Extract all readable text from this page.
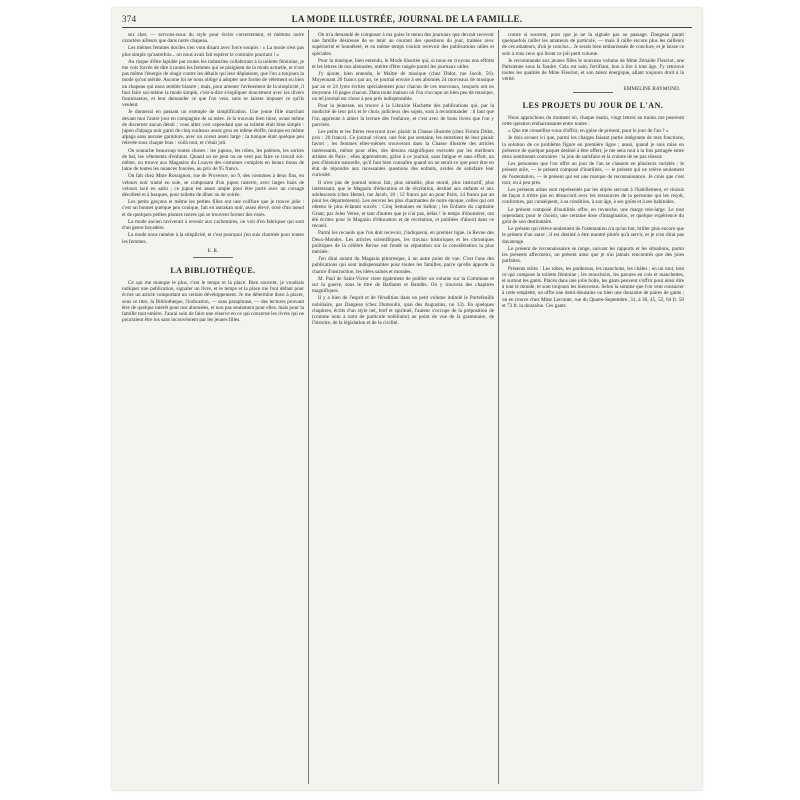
374	LA MODE ILLUSTRÉE, JOURNAL DE LA FAMILLE.

sez cher, — servons-nous du style pour écrire correctement, et mettons notre caractère ailleurs que dans notre chapeau.

Les mêmes femmes dociles s'en vont disant avec force soupirs : « La mode n'est pas plus simple qu'autrefois... on nous avait fait espérer le contraire pourtant ! »

Au risque d'être lapidée par toutes les industries collaborant à la toilette féminine, je me vois forcée de dire à toutes les femmes qui se plaignent de la mode actuelle, et n'ont pas même l'énergie de réagir contre les détails qui leur déplaisent, que l'on a toujours la mode qu'on mérite. Aucune loi ne nous oblige à adopter une forme de vêtement ou bien un chapeau qui nous semble bizarre ; mais, pour amener l'avènement de la simplicité, il faut faire soi-même la mode simple, c'est-à-dire s'expliquer doucement avec les divers fournisseurs, et leur demander ce que l'on veut, sans se laisser imposer ce qu'ils veulent.

Je donnerai en passant un exemple de simplification. Une jeune fille marchait devant moi l'autre jour en compagnie de sa mère. Je la trouvais bien mise, avant même de discerner aucun détail ; vous allez voir cependant que sa toilette était bien simple : jupon d'alpaga noir garni de cinq rouleaux assez gros en même étoffe, tunique en même alpaga sans aucune garniture, avec un corset assez large ; la tunique était quelque peu relevée sous chaque bras : voilà tout, et c'était joli.

On soutache beaucoup toutes choses : les jupons, les robes, les paletots, les sorties de bal, les vêtements d'enfants. Quand on ne peut ou ne veut pas faire ce travail soi-même, on trouve aux Magasins du Louvre des costumes complets en beaux tissus de laine de toutes les nuances foncées, au prix de 95 francs.

On fait chez Mme Rossignon, rue de Provence, no 9, des costumes à deux fins, en velours noir tramé en soie, se composant d'un jupon rasterre, avec larges biais de velours lacé en satin ; ce jupon est assez ample pour être porté avec un corsage décolleté et à basques, pour toilette de dîner ou de soirée.

Les petits garçons et même les petites filles ont une coiffure que je trouve jolie : c'est un bonnet quelque peu conique, fait en astrakan noir, assez élevé, orné d'un nœud et de quelques petites plumes noires qui se trouvent former des rosés.

La mode ancien raviverait à revenir aux cachemires, on voit d'en fabriquer qui sont d'un genre bayadère.

La mode nous ramène à la simplicité, et c'est pourquoi j'en suis charmée pour toutes les femmes.

E. R.
LA BIBLIOTHÈQUE.

Ce qui me manque le plus, c'est le temps et la place. Bien souvent, je voudrais indiquer une publication, signaler un livre, et le temps et la place me font défaut pour écrire un article comportant un certain développement. Je me détermine donc à placer, sous ce titre, la Bibliothèque, l'indication, — sans paraphrase, — des lectures pouvant être de quelque intérêt pour nos abonnées, et non pas seulement pour elles, mais pour la famille tout entière. J'aurai soin de faire une réserve en ce qui concerne les livres qui ne pourraient être lus sans inconvénient par les jeunes filles.

On m'a demandé de composer à ma guise le menu des journaux que devrait recevoir une famille désireuse de se tenir au courant des questions du jour, traitées avec supériorité et honnêteté, et en même temps vouloir recevoir des publications utiles et spéciales.

Pour la musique, bien entendu, le Mode illustrée qui, si nous en croyons nos efforts et les lettres de nos abonnées, mérite d'être rangée parmi les journaux utiles.

J'y ajoute, bien entendu, le Maître de musique (chez Didot, rue Jacob, 56). Moyennant 20 francs par an, ce journal envoie à ses abonnés 24 morceaux de musique par an et 24 lyres écrites spécialement pour chacun de ces morceaux, lesquels ont en moyenne 16 pages chacun. Dans toute maison où l'on s'occupe un bien peu de musique, un tel journal est chose à peu près indispensable.

Pour la jeunesse, on trouve à la Librairie Hachette des publications qui, par la modicité de leur prix et le choix judicieux des sujets, sont à recommander : il faut que l'on apprenne à aimer la lecture dès l'enfance, et c'est avec de bons livres que l'on y parvient.

Les petits et les frères recevront avec plaisir la Chasse illustrée (chez Firmin Didot, prix : 20 francs). Ce journal vivant, une fois par semaine, les entretient de leur plaisir favori ; les femmes elles-mêmes trouveront dans la Chasse illustrée des articles intéressants, même pour elles, des dessins magnifiques exécutés par les meilleurs artistes de Paris ; elles apprendront, grâce à ce journal, sans fatigue et sans effort, un peu d'histoire naturelle, qu'il faut bien connaître quand on ne serait-ce que pour être en état de répondre aux incessantes questions des enfants, avides de satisfaire leur curiosité.

Il n'est pas de journal mieux fait, plus aimable, plus moral, plus instructif, plus intéressant, que le Magasin d'éducation et de récréation, destiné aux enfants et aux adolescents (chez Hetzel, rue Jacob, 18 ; 12 francs par an pour Paris, 14 francs par an pour les départements). Les œuvres les plus charmantes de notre époque, celles qui ont obtenu le plus éclatant succès : Cinq Semaines en ballon ; les Enfants du capitaine Grant, par Jules Verne, et tant d'autres que je n'ai pas, hélas ! le temps d'énumérer, ont été écrites pour le Magasin d'éducation et de récréation, et publiées d'abord dans ce recueil.

Parmi les recueils que l'on doit recevoir, j'indiquerai, en premier ligne, la Revue des Deux-Mondes. Les articles scientifiques, les travaux historiques et les chroniques politiques de la célèbre Revue ont fondé sa réputation sur la considération la plus méritée.

J'en dirai autant du Magasin pittoresque, à un autre point de vue. C'est l'une des publications qui sont indispensables pour toutes les familles, parce qu'elle apporte la chance d'instruction, les idées saines et morales.

M. Paul de Saint-Victor vient également de publier un volume sur la Commune et sur la guerre, sous le titre de Barbares et Bandits. On y trouvera des chapitres magnifiques.

Il y a bien de l'esprit et de l'érudition dans un petit volume intitulé le Portefeuille nobiliaire, par Dangeau (chez Dumoulin, quai des Augustins, no 13). En quelques chapitres, écrits d'un style net, bref et spirituel, l'auteur s'occupe de la préposition de (comme nom à nom de particule nobiliaire) au point de vue de la grammaire, de l'histoire, de la législation et de la civilité.

contre si souvent, pour que je ne la signale pas au passage. Dangeau parait quelquefois railler les amateurs de particule, — mais il raille encore plus les railleurs de ces amateurs, d'où je conclus... Je serais bien embarrassée de conclure, et je laisse ce soin à tous ceux qui liront ce joli petit volume.

Je recommande aux jeunes filles le nouveau volume de Mme Zénaïde Fleuriot, une Parisienne sous la foudre. Cela est sain, fortifiant, bon à lire à tout âge. J'y retrouve toutes les qualités de Mme Fleuriot, et son talent énergique, allant toujours droit à la vérité.

EMMELINE RAYMOND.
LES PROJETS DU JOUR DE L'AN.

Nous approchons du moment où, chaque matin, vingt lettres au moins me poseront cette question embarrassante entre toutes :

« Que me conseillez-vous d'offrir, en guise de présent, pour le jour de l'an ? »

Je dois avouer ici que, parmi les charges faisant partie intégrante de mes fonctions, la solution de ce problème figure en première ligne ; aussi, quand je suis mise en présence de quelque paquet destiné à être offert, je me sens tout à la fois partagée entre deux sentiments contraires : la joie de satisfaire et la crainte de ne pas réussir.

Les personnes que l'on offre au jour de l'an se classent en plusieurs variétés : le présent utile, — le présent composé d'inutilités, — le présent qui ne relève seulement de l'ostentation, — le présent qui est une marque de reconnaissance. Je crois que c'est tout, ou à peu près.

Les présents utiles sont représentés par les objets servant à l'habillement, et choisis de façon à n'être pas en désaccord avec les ressources de la personne qui les reçoit, conformes, par conséquent, à sa condition, à son âge, à ses goûts et à ses habitudes.

Le présent composé d'inutilités offre, en revanche, une marge très-large. Le tout cependant, pour le choisir, une certaine dose d'imagination, et quelque expérience du goût de son destinataire.

Le présent qui relève seulement de l'ostentation n'a qu'un but, briller plus encore que le présent d'un autre ; il est destiné à être montré plutôt qu'à servir, et je n'en dirai pas davantage.

Le présent de reconnaissance se range, suivant les rapports et les situations, parmi les présents affectueux, un présent ainsi que je n'ai jamais rencontrés que des joies parfaites.

Présents utiles : Les robes, les pardessus, les manchons, les châles ; en un mot, tout ce qui compose la toilette féminine ; les mouchoirs, les parures en cols et manchettes, et surtout les gants. Placés dans une jolie boîte, les gants peuvent s'offrir pour ainsi dire à tout le monde, et sont toujours les bienvenus. Selon la somme que l'on veut consacrer à cette emplette, on offre une demi-douzaine ou bien une douzaine de paires de gants ; on en trouve chez Mme Lecomte, rue du Quatre-Septembre, 31, à 30, 45, 52, 64 fr. 50 et 73 fr. la douzaine. Ces gants
